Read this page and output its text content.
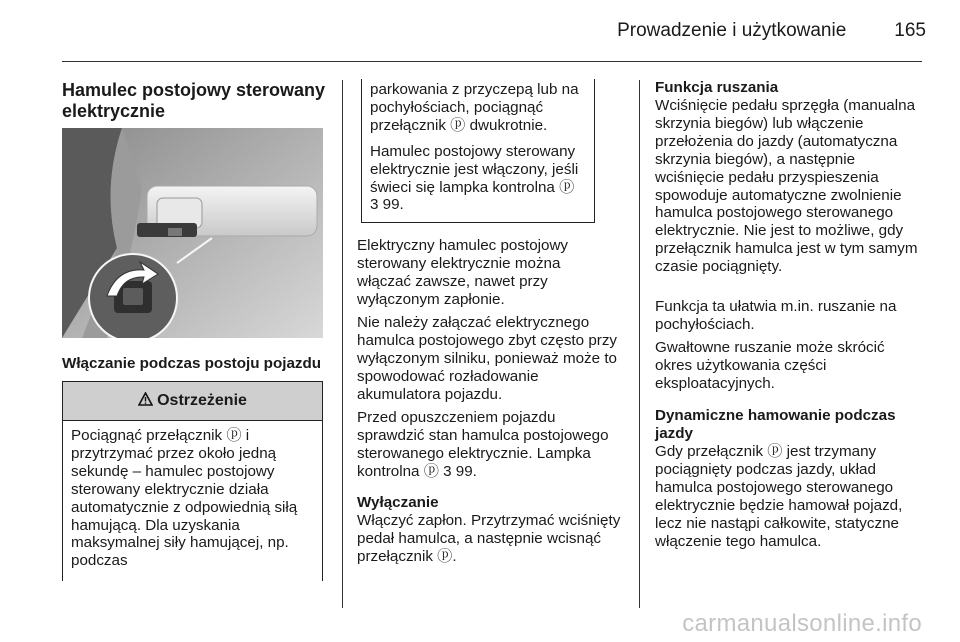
Prowadzenie i użytkowanie	165
Hamulec postojowy sterowany elektrycznie
Włączanie podczas postoju pojazdu
Ostrzeżenie
Pociągnąć przełącznik ⓟ i przytrzymać przez około jedną sekundę – hamulec postojowy sterowany elektrycznie działa automatycznie z odpowiednią siłą hamującą. Dla uzyskania maksymalnej siły hamującej, np. podczas

parkowania z przyczepą lub na pochyłościach, pociągnąć przełącznik ⓟ dwukrotnie.

Hamulec postojowy sterowany elektrycznie jest włączony, jeśli świeci się lampka kontrolna ⓟ

3 99.

Elektryczny hamulec postojowy sterowany elektrycznie można włączać zawsze, nawet przy wyłączonym zapłonie.
Nie należy załączać elektrycznego hamulca postojowego zbyt często przy wyłączonym silniku, ponieważ może to spowodować rozładowanie akumulatora pojazdu.
Przed opuszczeniem pojazdu sprawdzić stan hamulca postojowego sterowanego elektrycznie. Lampka kontrolna ⓟ 3 99.
Wyłączanie
Włączyć zapłon. Przytrzymać wciśnięty pedał hamulca, a następnie wcisnąć przełącznik ⓟ.
Funkcja ruszania
Wciśnięcie pedału sprzęgła (manualna skrzynia biegów) lub włączenie przełożenia do jazdy (automatyczna skrzynia biegów), a następnie wciśnięcie pedału przyspieszenia spowoduje automatyczne zwolnienie hamulca postojowego sterowanego elektrycznie. Nie jest to możliwe, gdy przełącznik hamulca jest w tym samym czasie pociągnięty.
Funkcja ta ułatwia m.in. ruszanie na pochyłościach.
Gwałtowne ruszanie może skrócić okres użytkowania części eksploatacyjnych.
Dynamiczne hamowanie podczas jazdy
Gdy przełącznik ⓟ jest trzymany pociągnięty podczas jazdy, układ hamulca postojowego sterowanego elektrycznie będzie hamował pojazd, lecz nie nastąpi całkowite, statyczne włączenie tego hamulca.
carmanualsonline.info
